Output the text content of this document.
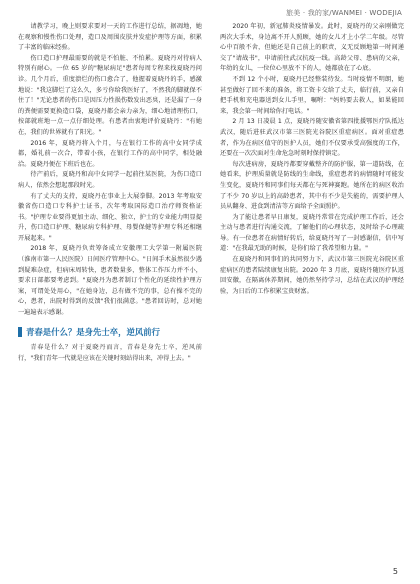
旅美 · 我的家/WANMEI · WODEJIA

请教学习，晚上则要求要对一天的工作进行总结，据凋地，她在观察和慢性伤口处理，造口及周围皮肤并发症护理等方面，积累了丰富的临床经验。

伤口造口护理最需要的就是不怕脏、不怕累。夏晓丹对待病人特别有耐心。一位 65 岁的"糖尿病足"患者每周专程来找夏晓丹问诊。几个月后，重度溃烂的伤口愈合了，他握着夏晓丹的手，感激地说："我这脚烂了这么久，多亏你给我医好了，不然我的脚就保不住了！"无论患者的伤口是因压力性损伤数发出恶臭，还是漏了一身的粪便需要更换造口袋，夏晓丹都会亲力亲为，细心地清理伤口，按部就班地一点一点仔细处理。有患者由衷地评价夏晓丹："有她在，我们的世界就有了阳光。"

2016 年，夏晓丹将入个月，与在银行工作的高中女同学成都，婚礼前一次合，带着小孩，在银行工作的高中同学，相处融洽。夏晓丹便在下班后也在。

待产前后，夏晓丹和高中女同学一起前往某医院，为伤口造口病人，依然会想起那段时光。

有了丈夫的支持，夏晓丹在事业上大展拳脚。2013 年考取安徽省伤口造口专科护士证书，次年考取国际造口治疗师资格证书。"护理专业要得更加主动、细化、独立，护士的专业能力明显提升，伤口造口护理、糖尿病专科护理、母婴保健等护理专科还相继开展起来。"

2018 年，夏晓丹负责筹备成立安徽理工大学第一附属医院（淮南市第一人民医院）日间医疗管理中心。"日间手术虽然很少遇到疑难杂症，但病床周转快，患者数量多，整体工作压力并不小，要求日部都要考虑到。"夏晓丹为患者制订个性化的延续性护理方案，可谓处处用心，"在她身边，总有做不完的事，总有操不完的心，患者，出院时得到的反馈"我们很满意。"患者回访时，总对她一遍遍表示感谢。

青春是什么？是身先士卒，逆风前行

青春是什么？对于夏晓丹而言，青春是身先士卒，逆风前行，"我们青年一代就是应该在关键时刻站得出来，冲得上去。"

2020 年初，新冠肺炎疫情暴发。此时，夏晓丹的父亲刚做完两次大手术，身边离不开人照顾，她的女儿才上小学二年级。尽管心中百般不舍，但她还是自己前上的职责，义无反顾地第一时间递交了"请战书"，申请前往武汉抗疫一线。高龄父母、患病的父亲，年幼的女儿，一位位心里放不下的人，她都放在了心底。

不到 12 个小时，夏晓丹已经整装待发。当时疫情不明朗，她甚至做好了回不来的准备，将工资卡交给了丈夫，临行前，又亲自把手机和充电器送到女儿手里，嘱咐："妈妈要去救人，如果能回来，我会第一时间给你打电话。"

2 月 13 日凌晨 1 点，夏晓丹随安徽省第四批援鄂医疗队抵达武汉，随后进驻武汉市第三医院光谷院区重症病区。面对重症患者，作为在病区值守的医护人员，她们不仅要承受高强度的工作，还要在一次次面对生命危急时刻时保持镇定。

每次进病房，夏晓丹都要穿戴整齐的防护服，第一道防线，在她看来，护理质量就是防线的生命线，重症患者的病情随时可能发生变化，夏晓丹和同事们每天都在与死神赛跑。她所在的病区收治了不少 70 岁以上的高龄患者，其中有不少是失能的，需要护理人员从翻身、进食到清洁等方面给予全面照护。

为了能让患者早日康复，夏晓丹常常在完成护理工作后，还会主动与患者进行沟通交流，了解他们的心理状态，及时给予心理疏导。有一位患者在病情好转后，给夏晓丹写了一封感谢信，信中写道："在我最无助的时候，是你们给了我希望和力量。"

在夏晓丹和同事们的共同努力下，武汉市第三医院光谷院区重症病区的患者陆续康复出院。2020 年 3 月底，夏晓丹随医疗队返回安徽，在隔离休养期间，她仍然坚持学习，总结在武汉的护理经验，为日后的工作积累宝贵财富。

5
